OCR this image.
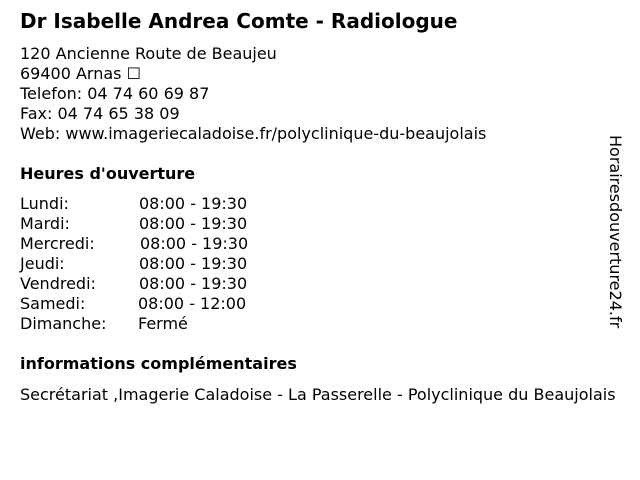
Dr Isabelle Andrea Comte - Radiologue
120 Ancienne Route de Beaujeu
69400 Arnas ☐
Telefon: 04 74 60 69 87
Fax: 04 74 65 38 09
Web: www.imageriecaladoise.fr/polyclinique-du-beaujolais
Heures d'ouverture
Lundi:	08:00 - 19:30
Mardi:	08:00 - 19:30
Mercredi:	08:00 - 19:30
Jeudi:	08:00 - 19:30
Vendredi:	08:00 - 19:30
Samedi:	08:00 - 12:00
Dimanche: Fermé
informations complémentaires
Secrétariat ,Imagerie Caladoise - La Passerelle - Polyclinique du Beaujolais
Horairesdouverture24.fr
